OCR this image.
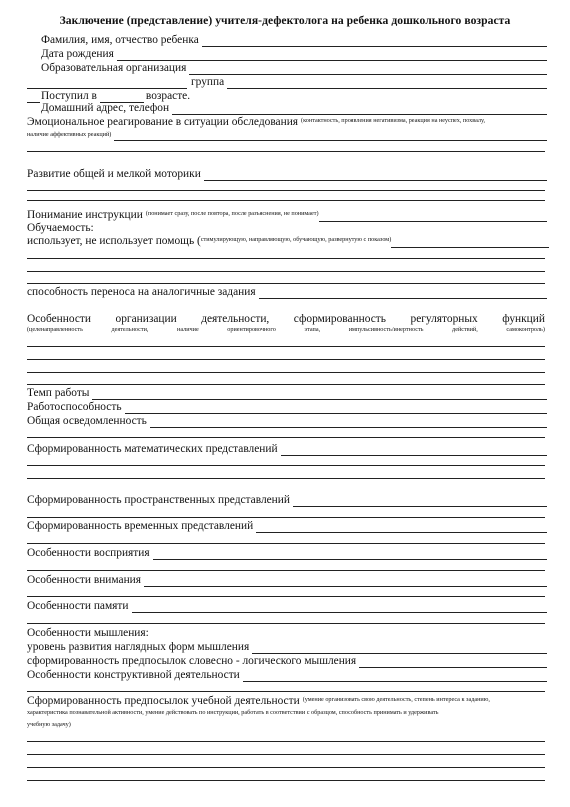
Заключение (представление) учителя-дефектолога на ребенка дошкольного возраста
Фамилия, имя, отчество ребенка
Дата рождения
Образовательная организация
группа
Поступил в	возрасте.
Домашний адрес, телефон
Эмоциональное реагирование в ситуации обследования (контактность, проявления негативизма, реакция на неуспех, похвалу,
наличие аффективных реакций)
Развитие общей и мелкой моторики
Понимание инструкции (понимает сразу, после повтора, после разъяснения, не понимает)
Обучаемость:
использует, не использует помощь ( стимулирующую, направляющую, обучающую, развернутую с показом)
способность переноса на аналогичные задания
Особенности организации деятельности, сформированность регуляторных функций
(целенаправленность	деятельности,	наличие	ориентировочного	этапа,	импульсивность/инертность	действий,	самоконтроль)
Темп работы
Работоспособность
Общая осведомленность
Сформированность математических представлений
Сформированность пространственных представлений
Сформированность временных представлений
Особенности восприятия
Особенности внимания
Особенности памяти
Особенности мышления:
уровень развития наглядных форм мышления
сформированность предпосылок словесно - логического мышления
Особенности конструктивной деятельности
Сформированность предпосылок учебной деятельности (умение организовать свою деятельность, степень интереса к заданию,
характеристика познавательной активности, умение действовать по инструкции, работать в соответствии с образцом, способность принимать и удерживать
учебную задачу)
